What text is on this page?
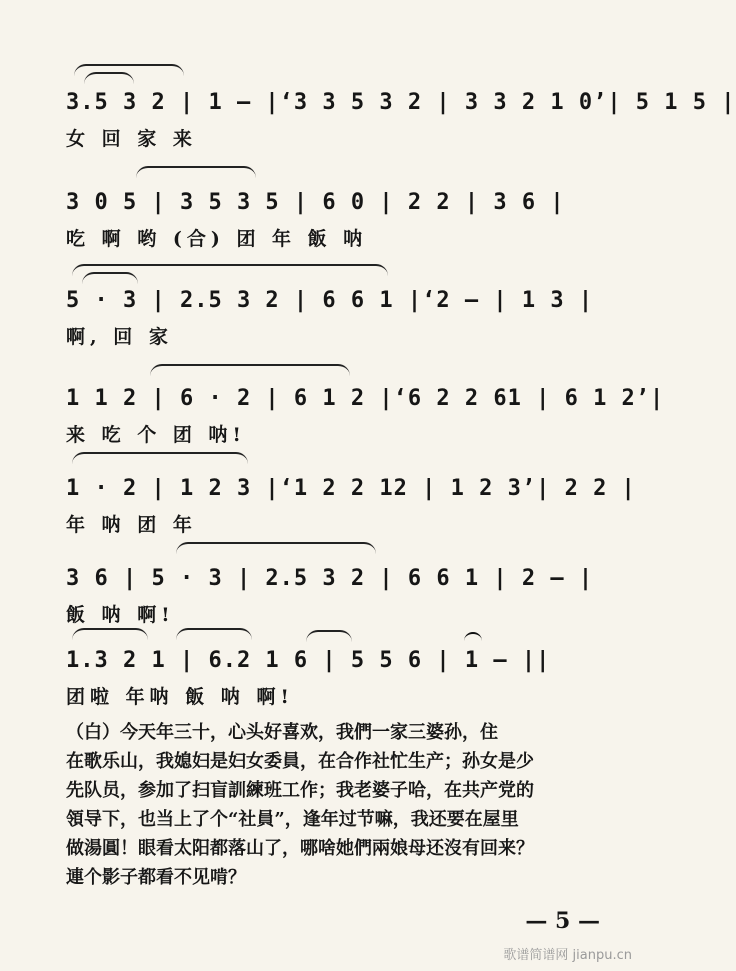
3.5 3 2 | 1 — |‘3 3 5 3 2 | 3 3 2 1 0’| 5 1 5 |
女 回 家 来
3 0 5 | 3 5 3 5 | 6 0 | 2 2 | 3 6 |
吃 啊 哟 (合) 团 年 飯 呐
5 · 3 | 2.5 3 2 | 6 6 1 |‘2 — | 1 3 |
啊, 回 家
1 1 2 | 6 · 2 | 6 1 2 |‘6 2 2 61 | 6 1 2’|
来 吃 个 团 呐!
1 · 2 | 1 2 3 |‘1 2 2 12 | 1 2 3’| 2 2 |
年 呐 团 年
3 6 | 5 · 3 | 2.5 3 2 | 6 6 1 | 2 — |
飯 呐 啊!
1.3 2 1 | 6.2 1 6 | 5 5 6 | 1 — ||
团啦 年呐 飯 呐 啊!

（白）今天年三十，心头好喜欢，我們一家三婆孙，住

在歌乐山，我媳妇是妇女委員，在合作社忙生产；孙女是少

先队员，参加了扫盲訓練班工作；我老婆子哈，在共产党的

領导下，也当上了个“社員”，逢年过节嘛，我还要在屋里

做湯圓！眼看太阳都落山了，哪啥她們兩娘母还沒有回来？

連个影子都看不见啃？

— 5 —
歌谱简谱网 jianpu.cn
